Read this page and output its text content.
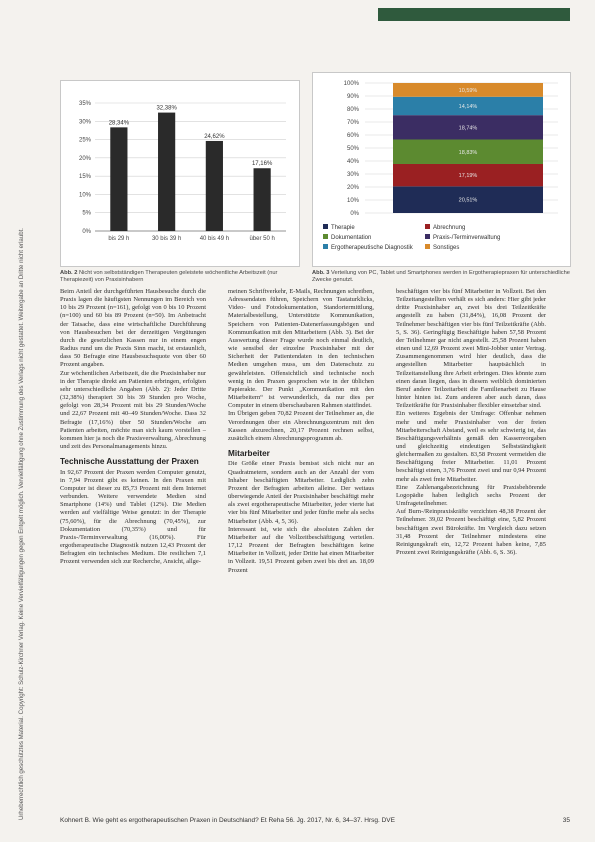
Berufspolitik
Urheberrechtlich geschütztes Material. Copyright: Schulz-Kirchner Verlag. Keine Vervielfältigungen gegen Entgelt möglich. Vervielfältigung ohne Zustimmung des Verlags nicht gestattet. Weitergabe an Dritte nicht erlaubt.	0%
5%
10%
15%
20%
25%
30%
35%
28,34%
bis 29 h
32,38%
30 bis 39 h
24,62%
40 bis 49 h
17,16%
über 50 h
Abb. 2 Nicht von selbstständigen Therapeuten geleistete wöchentliche Arbeitszeit (nur Therapiezeit) von Praxisinhabern
0%
10%
20%
30%
40%
50%
60%
70%
80%
90%
100%
20,51%
17,19%
18,83%
18,74%
14,14%
10,59%
Therapie	Abrechnung
Dokumentation	Praxis-/Terminverwaltung
Ergotherapeutische Diagnostik	Sonstiges
Abb. 3 Verteilung von PC, Tablet und Smartphones werden in Ergotherapiepraxen für unterschiedliche Zwecke genutzt.

Beim Anteil der durchgeführten Hausbesuche durch die Praxis lagen die häufigsten Nennungen im Bereich von 10 bis 29 Prozent (n=161), gefolgt von 0 bis 10 Prozent (n=100) und 60 bis 89 Prozent (n=50). Im Anbetracht der Tatsache, dass eine wirtschaftliche Durchführung von Hausbesuchen bei der derzeitigen Vergütungen durch die gesetzlichen Kassen nur in einem engen Radius rund um die Praxis Sinn macht, ist erstaunlich, dass 50 Befragte eine Hausbesuchsquote von über 60 Prozent angaben.

Zur wöchentlichen Arbeitszeit, die die Praxisinhaber nur in der Therapie direkt am Patienten erbringen, erfolgten sehr unterschiedliche Angaben (Abb. 2): Jeder Dritte (32,38%) therapiert 30 bis 39 Stunden pro Woche, gefolgt von 28,34 Prozent mit bis 29 Stunden/Woche und 22,67 Prozent mit 40–49 Stunden/Woche. Dass 32 Befragte (17,16%) über 50 Stunden/Woche am Patienten arbeiten, möchte man sich kaum vorstellen – kommen hier ja noch die Praxisverwaltung, Abrechnung und zeit des Personalmanagements hinzu.

Technische Ausstattung der Praxen

In 92,67 Prozent der Praxen werden Computer genutzt, in 7,94 Prozent gibt es keinen. In den Praxen mit Computer ist dieser zu 85,73 Prozent mit dem Internet verbunden. Weitere verwendete Medien sind Smartphone (14%) und Tablet (12%). Die Medien werden auf vielfältige Weise genutzt: in der Therapie (75,60%), für die Abrechnung (70,45%), zur Dokumentation (70,35%) und für Praxis-/Terminverwaltung (16,00%). Für ergotherapeutische Diagnostik nutzen 12,43 Prozent der Befragten ein technisches Medium. Die restlichen 7,1 Prozent verwenden sich zur Recherche, Ansicht, allge-

meinen Schriftverkehr, E-Mails, Rechnungen schreiben, Adressendaten führen, Speichern von Tastaturklicks, Video- und Fotodokumentation, Standortermittlung, Materialbestellung, Unterstützte Kommunikation, Speichern von Patienten-Datenerfassungsbögen und Kommunikation mit den Mitarbeitern (Abb. 3). Bei der Auswertung dieser Frage wurde noch einmal deutlich, wie sensibel der einzelne Praxisinhaber mit der Sicherheit der Patientendaten in den technischen Medien umgehen muss, um den Datenschutz zu gewährleisten. Offensichtlich sind technische noch wenig in den Praxen gesprochen wie in der üblichen Papierakte. Der Punkt „Kommunikation mit den Mitarbeitern“ ist verwunderlich, da nur dies per Computer in einem überschaubaren Rahmen stattfindet.

Im Übrigen geben 70,82 Prozent der Teilnehmer an, die Verordnungen über ein Abrechnungszentrum mit den Kassen abzurechnen, 20,17 Prozent rechnen selbst, zusätzlich einem Abrechnungsprogramm ab.

Mitarbeiter

Die Größe einer Praxis bemisst sich nicht nur an Quadratmetern, sondern auch an der Anzahl der vom Inhaber beschäftigten Mitarbeiter. Lediglich zehn Prozent der Befragten arbeiten alleine. Der weitaus überwiegende Anteil der Praxisinhaber beschäftigt mehr als zwei ergotherapeutische Mitarbeiter, jeder vierte hat vier bis fünf Mitarbeiter und jeder fünfte mehr als sechs Mitarbeiter (Abb. 4, 5, 36).

Interessant ist, wie sich die absoluten Zahlen der Mitarbeiter auf die Vollzeitbeschäftigung verteilen. 17,12 Prozent der Befragten beschäftigen keine Mitarbeiter in Vollzeit, jeder Dritte hat einen Mitarbeiter in Vollzeit. 19,51 Prozent geben zwei bis drei an. 18,09 Prozent

beschäftigen vier bis fünf Mitarbeiter in Vollzeit. Bei den Teilzeitangestellten verhält es sich anders: Hier gibt jeder dritte Praxisinhaber an, zwei bis drei Teilzeitkräfte angestellt zu haben (31,84%), 16,08 Prozent der Teilnehmer beschäftigen vier bis fünf Teilzeitkräfte (Abb. 5, S. 36). Geringfügig Beschäftigte haben 57,58 Prozent der Teilnehmer gar nicht angestellt. 25,58 Prozent haben einen und 12,69 Prozent zwei Mini-Jobber unter Vertrag. Zusammengenommen wird hier deutlich, dass die angestellten Mitarbeiter hauptsächlich in Teilzeitanstellung ihre Arbeit erbringen. Dies könnte zum einen daran liegen, dass in diesem weiblich dominierten Beruf andere Teilzeitarbeit die Familienarbeit zu Hause hinter hinten ist. Zum anderen aber auch daran, dass Teilzeitkräfte für Praxisinhaber flexibler einsetzbar sind.

Ein weiteres Ergebnis der Umfrage: Offenbar nehmen mehr und mehr Praxisinhaber von der freien Mitarbeiterschaft Abstand, weil es sehr schwierig ist, das Beschäftigungsverhältnis gemäß den Kassenvorgaben und gleichzeitig eindeutigen Selbstständigkeit gleichermaßen zu gestalten. 83,58 Prozent vermeiden die Beschäftigung freier Mitarbeiter. 11,01 Prozent beschäftigt einen, 3,76 Prozent zwei und nur 0,94 Prozent mehr als zwei freie Mitarbeiter.

Eine Zahlenangabezeichnung für Praxisbehörende Logopädie haben lediglich sechs Prozent der Umfrageteilnehmer.

Auf Burn-/Reinpraxiskräfte verzichten 48,38 Prozent der Teilnehmer. 39,02 Prozent beschäftigt eine, 5,82 Prozent beschäftigen zwei Bürokräfte. Im Vergleich dazu setzen 31,48 Prozent der Teilnehmer mindestens eine Reinigungskraft ein, 12,72 Prozent haben keine, 7,85 Prozent zwei Reinigungskräfte (Abb. 6, S. 36).

Kohnert B. Wie geht es ergotherapeutischen Praxen in Deutschland? Et Reha 56. Jg. 2017, Nr. 6, 34–37. Hrsg. DVE	35
